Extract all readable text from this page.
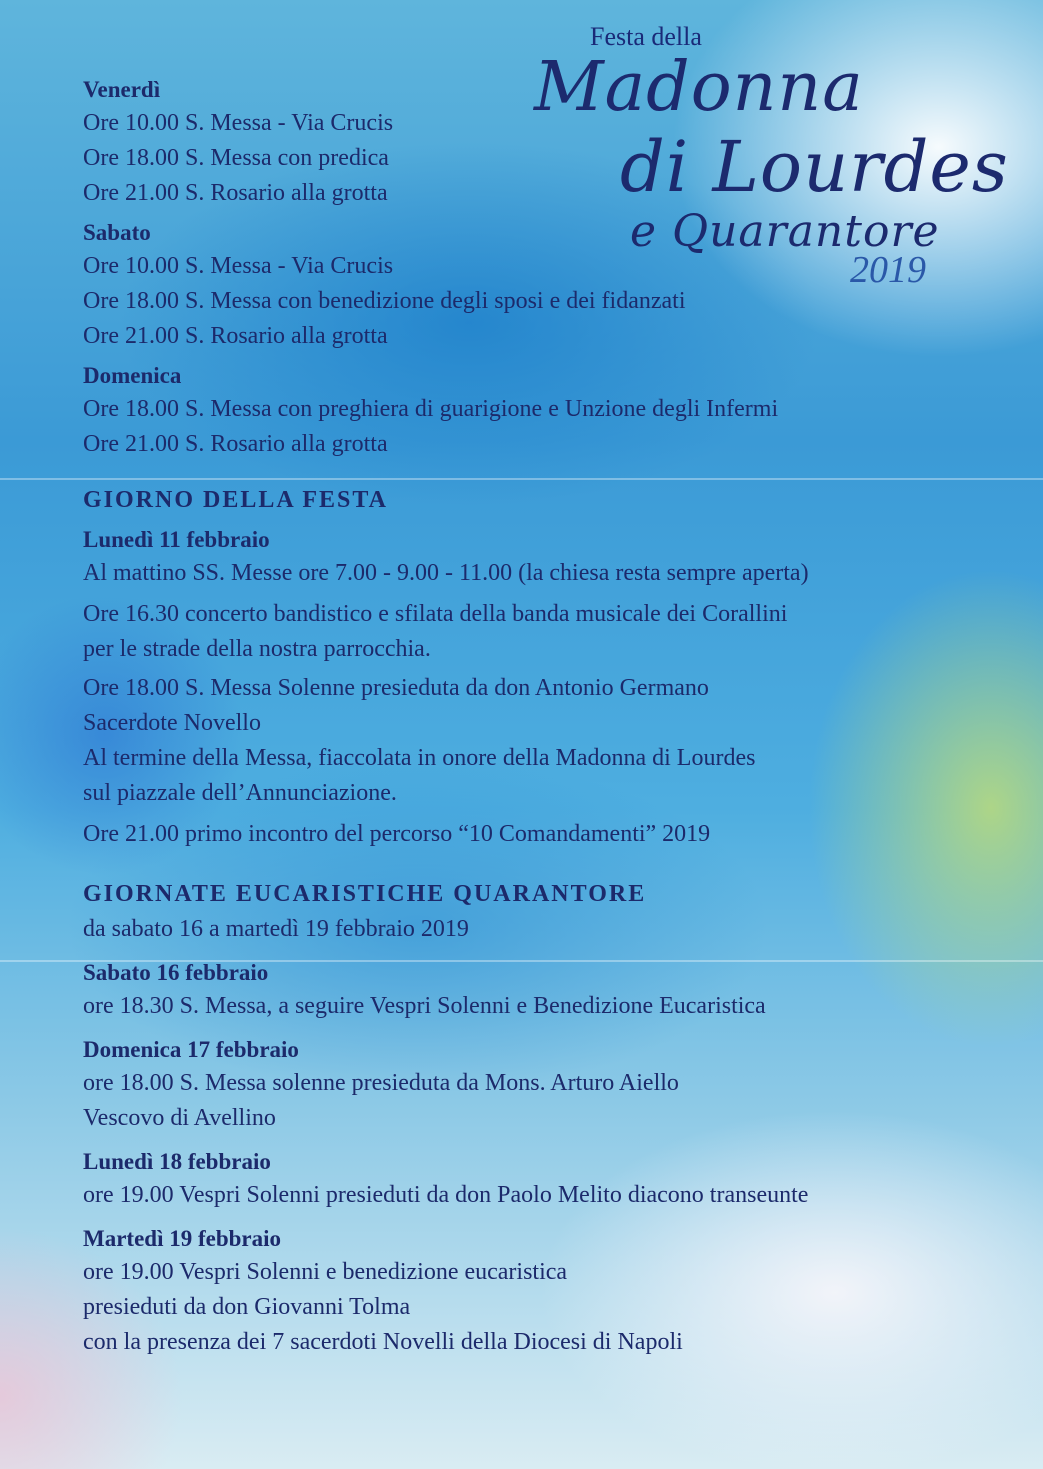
Festa della
Madonna
di Lourdes
e Quarantore
2019
Venerdì
Ore 10.00 S. Messa - Via Crucis
Ore 18.00 S. Messa con predica
Ore 21.00 S. Rosario alla grotta
Sabato
Ore 10.00 S. Messa - Via Crucis
Ore 18.00 S. Messa con benedizione degli sposi e dei fidanzati
Ore 21.00 S. Rosario alla grotta
Domenica
Ore 18.00 S. Messa con preghiera di guarigione e Unzione degli Infermi
Ore 21.00 S. Rosario alla grotta
GIORNO DELLA FESTA
Lunedì 11 febbraio
Al mattino SS. Messe ore 7.00 - 9.00 - 11.00 (la chiesa resta sempre aperta)
Ore 16.30 concerto bandistico e sfilata della banda musicale dei Corallini
per le strade della nostra parrocchia.
Ore 18.00 S. Messa Solenne presieduta da don Antonio Germano
Sacerdote Novello
Al termine della Messa, fiaccolata in onore della Madonna di Lourdes
sul piazzale dell’Annunciazione.
Ore 21.00 primo incontro del percorso “10 Comandamenti” 2019
GIORNATE EUCARISTICHE QUARANTORE
da sabato 16 a martedì 19 febbraio 2019
Sabato 16 febbraio
ore 18.30 S. Messa, a seguire Vespri Solenni e Benedizione Eucaristica
Domenica 17 febbraio
ore 18.00 S. Messa solenne presieduta da Mons. Arturo Aiello
Vescovo di Avellino
Lunedì 18 febbraio
ore 19.00 Vespri Solenni presieduti da don Paolo Melito diacono transeunte
Martedì 19 febbraio
ore 19.00 Vespri Solenni e benedizione eucaristica
presieduti da don Giovanni Tolma
con la presenza dei 7 sacerdoti Novelli della Diocesi di Napoli
